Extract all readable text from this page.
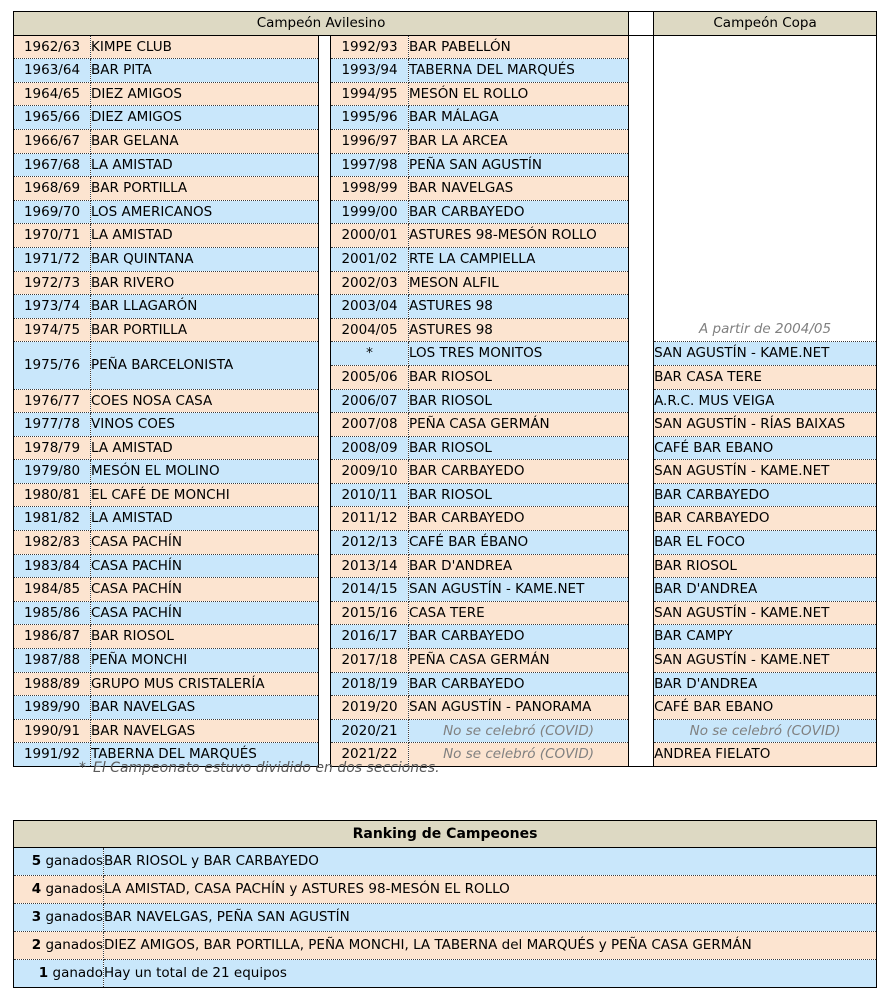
Campeón Avilesino						Campeón Copa
1962/63	KIMPE CLUB		1992/93	BAR PABELLÓN		
1963/64	BAR PITA		1993/94	TABERNA DEL MARQUÉS		
1964/65	DIEZ AMIGOS		1994/95	MESÓN EL ROLLO		
1965/66	DIEZ AMIGOS		1995/96	BAR MÁLAGA		
1966/67	BAR GELANA		1996/97	BAR LA ARCEA		
1967/68	LA AMISTAD		1997/98	PEÑA SAN AGUSTÍN		
1968/69	BAR PORTILLA		1998/99	BAR NAVELGAS		
1969/70	LOS AMERICANOS		1999/00	BAR CARBAYEDO		
1970/71	LA AMISTAD		2000/01	ASTURES 98-MESÓN ROLLO		
1971/72	BAR QUINTANA		2001/02	RTE LA CAMPIELLA		
1972/73	BAR RIVERO		2002/03	MESON ALFIL		
1973/74	BAR LLAGARÓN		2003/04	ASTURES 98		
1974/75	BAR PORTILLA		2004/05	ASTURES 98		A partir de 2004/05
1975/76	PEÑA BARCELONISTA		*	LOS TRES MONITOS		SAN AGUSTÍN - KAME.NET
			2005/06	BAR RIOSOL		BAR CASA TERE
1976/77	COES NOSA CASA		2006/07	BAR RIOSOL		A.R.C. MUS VEIGA
1977/78	VINOS COES		2007/08	PEÑA CASA GERMÁN		SAN AGUSTÍN - RÍAS BAIXAS
1978/79	LA AMISTAD		2008/09	BAR RIOSOL		CAFÉ BAR EBANO
1979/80	MESÓN EL MOLINO		2009/10	BAR CARBAYEDO		SAN AGUSTÍN - KAME.NET
1980/81	EL CAFÉ DE MONCHI		2010/11	BAR RIOSOL		BAR CARBAYEDO
1981/82	LA AMISTAD		2011/12	BAR CARBAYEDO		BAR CARBAYEDO
1982/83	CASA PACHÍN		2012/13	CAFÉ BAR ÉBANO		BAR EL FOCO
1983/84	CASA PACHÍN		2013/14	BAR D'ANDREA		BAR RIOSOL
1984/85	CASA PACHÍN		2014/15	SAN AGUSTÍN - KAME.NET		BAR D'ANDREA
1985/86	CASA PACHÍN		2015/16	CASA TERE		SAN AGUSTÍN - KAME.NET
1986/87	BAR RIOSOL		2016/17	BAR CARBAYEDO		BAR CAMPY
1987/88	PEÑA MONCHI		2017/18	PEÑA CASA GERMÁN		SAN AGUSTÍN - KAME.NET
1988/89	GRUPO MUS CRISTALERÍA		2018/19	BAR CARBAYEDO		BAR D'ANDREA
1989/90	BAR NAVELGAS		2019/20	SAN AGUSTÍN - PANORAMA		CAFÉ BAR EBANO
1990/91	BAR NAVELGAS		2020/21	No se celebró (COVID)		No se celebró (COVID)
1991/92	TABERNA DEL MARQUÉS		2021/22	No se celebró (COVID)		ANDREA FIELATO
* El Campeonato estuvo dividido en dos secciones.
Ranking de Campeones	
5 ganados	BAR RIOSOL y BAR CARBAYEDO
4 ganados	LA AMISTAD, CASA PACHÍN y ASTURES 98-MESÓN EL ROLLO
3 ganados	BAR NAVELGAS, PEÑA SAN AGUSTÍN
2 ganados	DIEZ AMIGOS, BAR PORTILLA, PEÑA MONCHI, LA TABERNA del MARQUÉS y PEÑA CASA GERMÁN
1 ganado	Hay un total de 21 equipos
